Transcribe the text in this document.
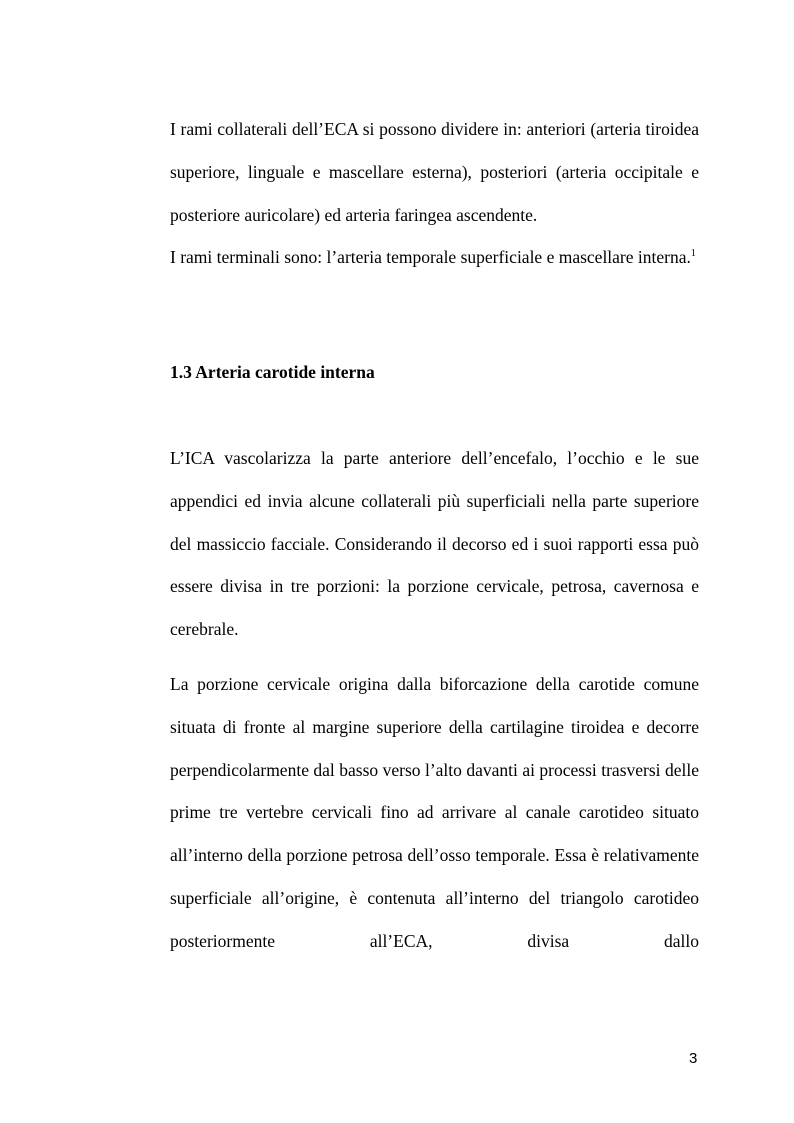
I rami collaterali dell’ECA si possono dividere in: anteriori (arteria tiroidea superiore, linguale e mascellare esterna), posteriori (arteria occipitale e posteriore auricolare) ed arteria faringea ascendente.

I rami terminali sono: l’arteria temporale superficiale e mascellare interna.$^1$

1.3 Arteria carotide interna

L’ICA vascolarizza la parte anteriore dell’encefalo, l’occhio e le sue appendici ed invia alcune collaterali più superficiali nella parte superiore del massiccio facciale. Considerando il decorso ed i suoi rapporti essa può essere divisa in tre porzioni: la porzione cervicale, petrosa, cavernosa e cerebrale.

La porzione cervicale origina dalla biforcazione della carotide comune situata di fronte al margine superiore della cartilagine tiroidea e decorre perpendicolarmente dal basso verso l’alto davanti ai processi trasversi delle prime tre vertebre cervicali fino ad arrivare al canale carotideo situato all’interno della porzione petrosa dell’osso temporale. Essa è relativamente superficiale all’origine, è contenuta all’interno del triangolo carotideo posteriormente all’ECA, divisa dallo

3
